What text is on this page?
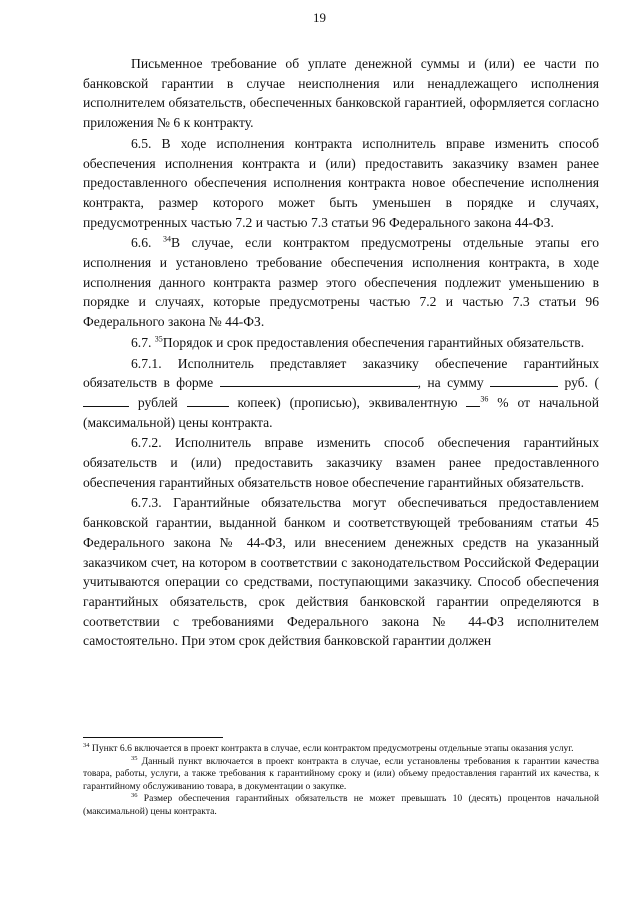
19

Письменное требование об уплате денежной суммы и (или) ее части по банковской гарантии в случае неисполнения или ненадлежащего исполнения исполнителем обязательств, обеспеченных банковской гарантией, оформляется согласно приложения № 6 к контракту.

6.5. В ходе исполнения контракта исполнитель вправе изменить способ обеспечения исполнения контракта и (или) предоставить заказчику взамен ранее предоставленного обеспечения исполнения контракта новое обеспечение исполнения контракта, размер которого может быть уменьшен в порядке и случаях, предусмотренных частью 7.2 и частью 7.3 статьи 96 Федерального закона 44-ФЗ.

6.6. $^{34}$В случае, если контрактом предусмотрены отдельные этапы его исполнения и установлено требование обеспечения исполнения контракта, в ходе исполнения данного контракта размер этого обеспечения подлежит уменьшению в порядке и случаях, которые предусмотрены частью 7.2 и частью 7.3 статьи 96 Федерального закона № 44-ФЗ.

6.7. $^{35}$Порядок и срок предоставления обеспечения гарантийных обязательств.

6.7.1. Исполнитель представляет заказчику обеспечение гарантийных обязательств в форме	, на сумму	руб. ( рублей	копеек) (прописью), эквивалентную $^{36}$ % от начальной (максимальной) цены контракта.

6.7.2. Исполнитель вправе изменить способ обеспечения гарантийных обязательств и (или) предоставить заказчику взамен ранее предоставленного обеспечения гарантийных обязательств новое обеспечение гарантийных обязательств.

6.7.3. Гарантийные обязательства могут обеспечиваться предоставлением банковской гарантии, выданной банком и соответствующей требованиям статьи 45 Федерального закона № 44-ФЗ, или внесением денежных средств на указанный заказчиком счет, на котором в соответствии с законодательством Российской Федерации учитываются операции со средствами, поступающими заказчику. Способ обеспечения гарантийных обязательств, срок действия банковской гарантии определяются в соответствии с требованиями Федерального закона № 44-ФЗ исполнителем самостоятельно. При этом срок действия банковской гарантии должен

$^{34}$ Пункт 6.6 включается в проект контракта в случае, если контрактом предусмотрены отдельные этапы оказания услуг.

$^{35}$ Данный пункт включается в проект контракта в случае, если установлены требования к гарантии качества товара, работы, услуги, а также требования к гарантийному сроку и (или) объему предоставления гарантий их качества, к гарантийному обслуживанию товара, в документации о закупке.

$^{36}$ Размер обеспечения гарантийных обязательств не может превышать 10 (десять) процентов начальной (максимальной) цены контракта.
